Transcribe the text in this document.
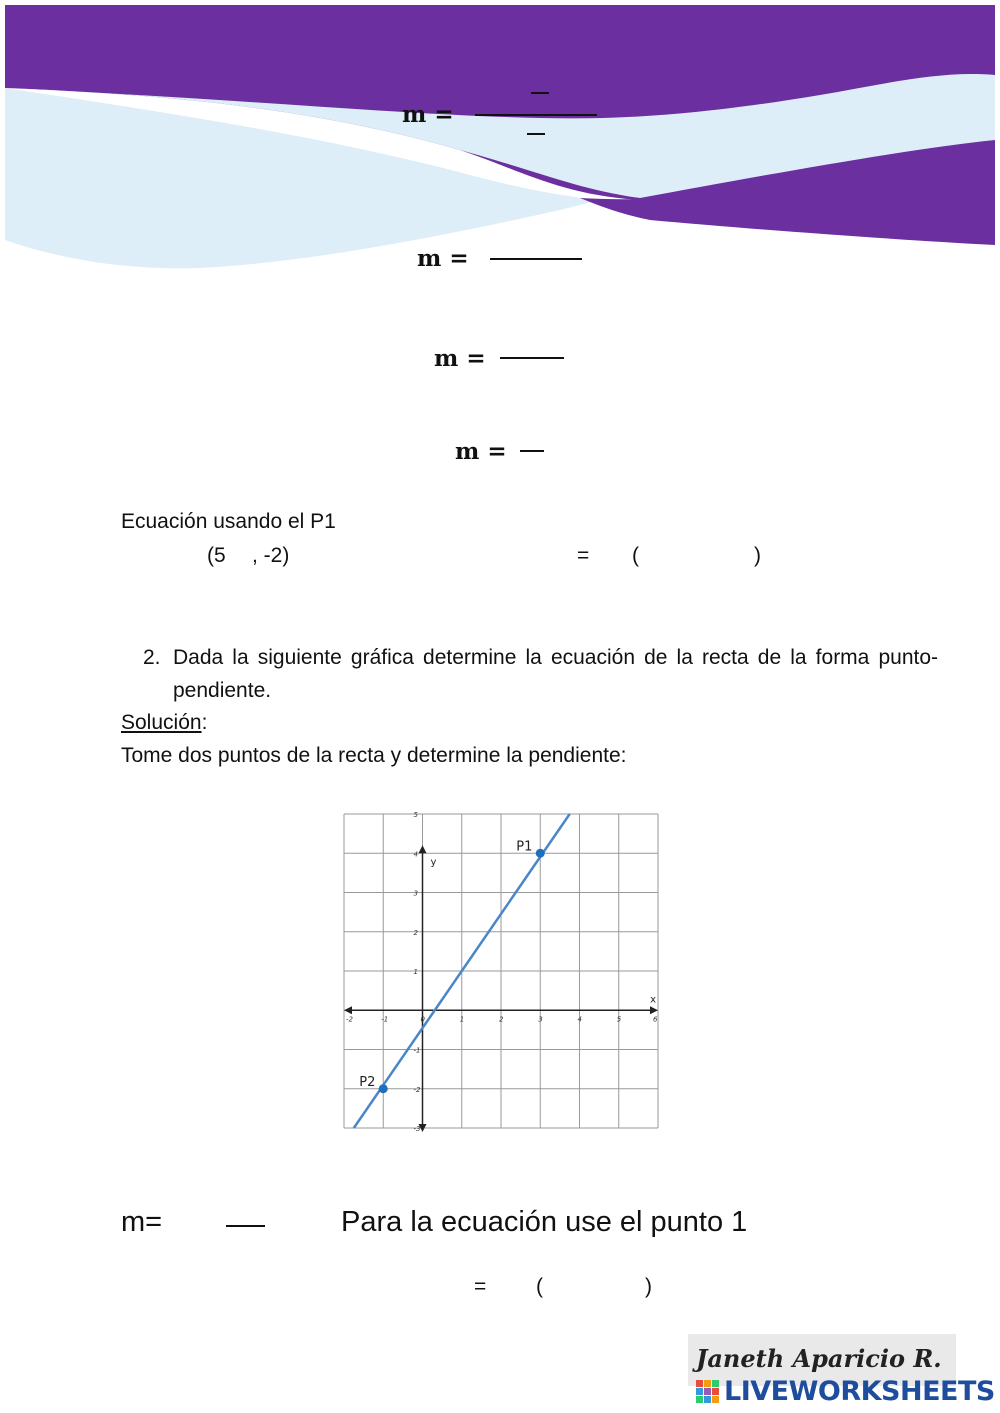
m =
m =
m =
m =
Ecuación usando el P1
(5 , -2)	= (	)
2. Dada la siguiente gráfica determine la ecuación de la recta de la forma punto-pendiente.
Solución:
Tome dos puntos de la recta y determine la pendiente:
x
y
-2	-1	0	1	2	3	4	5	6
5
4
3
2
1
-1
-2
-3
P1
P2
m=	Para la ecuación use el punto 1
= (	)
Janeth Aparicio R.
LIVEWORKSHEETS
